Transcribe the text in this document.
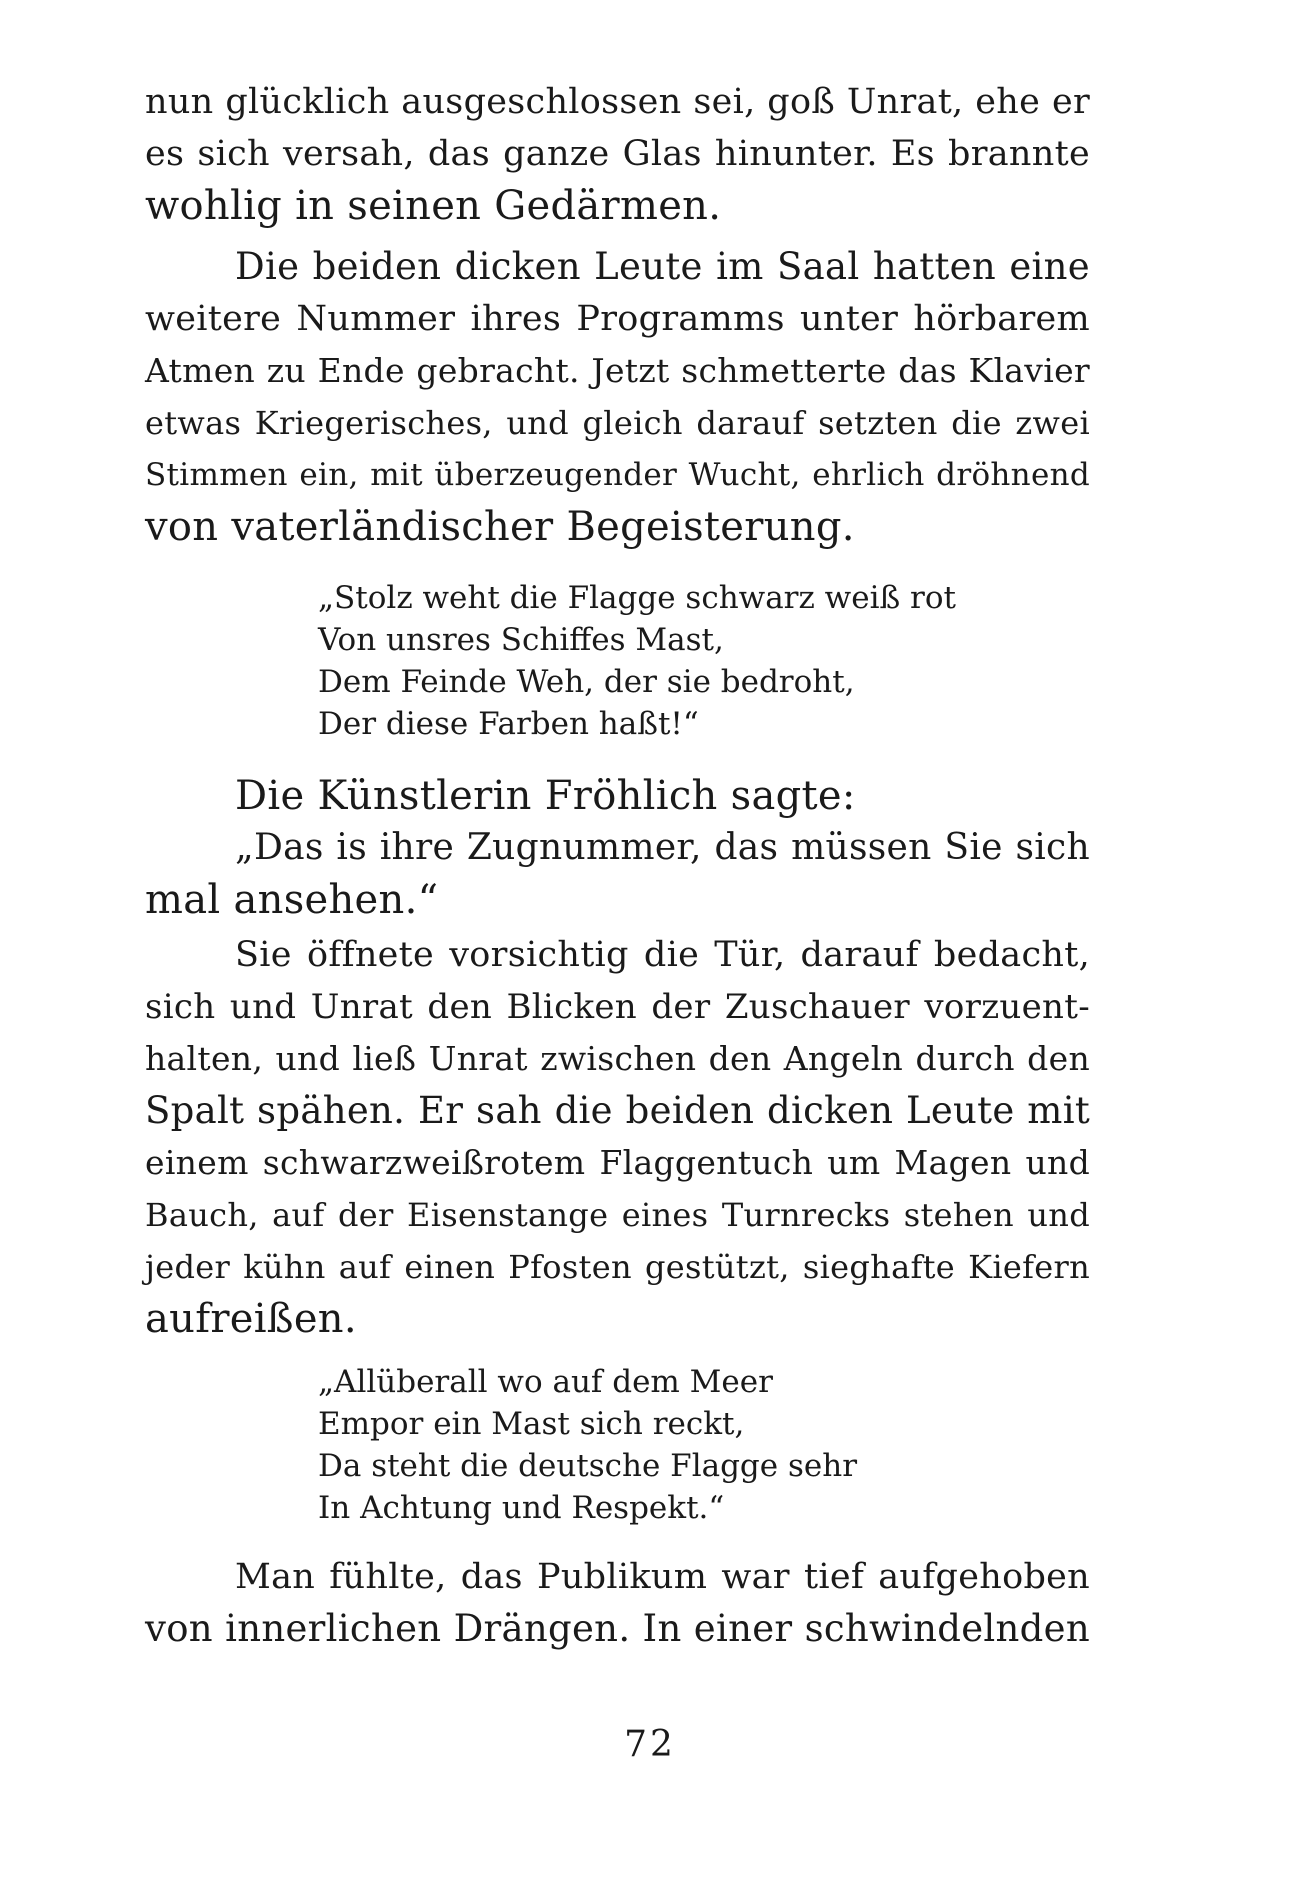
nun glücklich ausgeschlossen sei, goß Unrat, ehe er
es sich versah, das ganze Glas hinunter. Es brannte
wohlig in seinen Gedärmen.
Die beiden dicken Leute im Saal hatten eine
weitere Nummer ihres Programms unter hörbarem
Atmen zu Ende gebracht. Jetzt schmetterte das Klavier
etwas Kriegerisches, und gleich darauf setzten die zwei
Stimmen ein, mit überzeugender Wucht, ehrlich dröhnend
von vaterländischer Begeisterung.
„Stolz weht die Flagge schwarz weiß rot
Von unsres Schiffes Mast,
Dem Feinde Weh, der sie bedroht,
Der diese Farben haßt!“
Die Künstlerin Fröhlich sagte:
„Das is ihre Zugnummer, das müssen Sie sich
mal ansehen.“
Sie öffnete vorsichtig die Tür, darauf bedacht,
sich und Unrat den Blicken der Zuschauer vorzuent-
halten, und ließ Unrat zwischen den Angeln durch den
Spalt spähen. Er sah die beiden dicken Leute mit
einem schwarzweißrotem Flaggentuch um Magen und
Bauch, auf der Eisenstange eines Turnrecks stehen und
jeder kühn auf einen Pfosten gestützt, sieghafte Kiefern
aufreißen.
„Allüberall wo auf dem Meer
Empor ein Mast sich reckt,
Da steht die deutsche Flagge sehr
In Achtung und Respekt.“
Man fühlte, das Publikum war tief aufgehoben
von innerlichen Drängen. In einer schwindelnden
72
